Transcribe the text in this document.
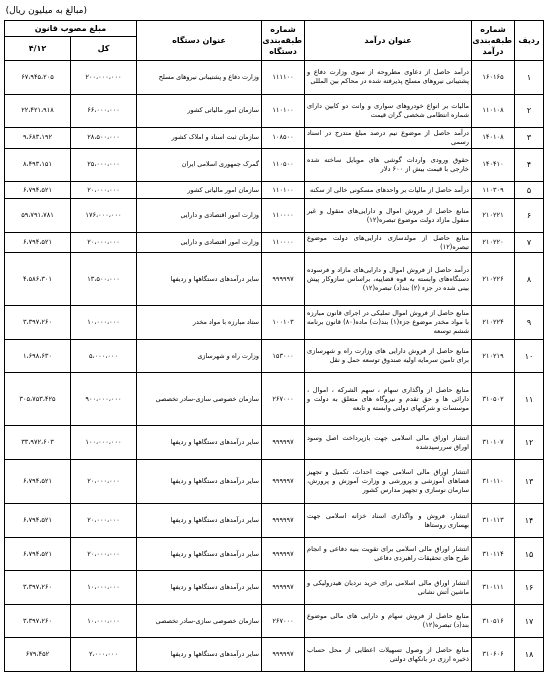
(مبالغ به میلیون ریال)
ردیف	شماره طبقه‌بندی درآمد	عنوان درآمد	شماره طبقه‌بندی دستگاه	عنوان دستگاه	مبلغ مصوب قانون	
					کل	۴/۱۲
۱	۱۶۰۱۶۵	درآمد حاصل از دعاوی مطروحه از سوی وزارت دفاع و پشتیبانی نیروهای مسلح پذیرفته شده در محاکم بین المللی	۱۱۱۱۰۰	وزارت دفاع و پشتیبانی نیروهای مسلح	۲۰۰،۰۰۰،۰۰۰	۶۷،۹۴۵،۲۰۵
۲	۱۱۰۱۰۸	مالیات بر انواع خودروهای سواری و وانت دو کابین دارای شماره انتظامی شخصی گران قیمت	۱۱۰۱۰۰	سازمان امور مالیاتی کشور	۶۶،۰۰۰،۰۰۰	۲۲،۴۲۱،۹۱۸
۳	۱۴۰۱۰۸	درآمد حاصل از موضوع نیم درصد مبلغ مندرج در اسناد رسمی	۱۰۸۵۰۰	سازمان ثبت اسناد و املاک کشور	۲۸،۵۰۰،۰۰۰	۹،۶۸۳،۱۹۲
۴	۱۴۰۴۱۰	حقوق ورودی واردات گوشی های موبایل ساخته شده خارجی با قیمت بیش از ۶۰۰ دلار	۱۱۰۵۰۰	گمرک جمهوری اسلامی ایران	۲۵،۰۰۰،۰۰۰	۸،۴۹۳،۱۵۱
۵	۱۱۰۳۰۹	درآمد حاصل از مالیات بر واحدهای مسکونی خالی از سکنه	۱۱۰۱۰۰	سازمان امور مالیاتی کشور	۲۰،۰۰۰،۰۰۰	۶،۷۹۴،۵۲۱
۶	۲۱۰۲۲۱	منابع حاصل از فروش اموال و دارایی‌های منقول و غیر منقول مازاد دولت موضوع تبصره(۱۲)	۱۱۰۰۰۰	وزارت امور اقتصادی و دارایی	۱۷۶،۰۰۰،۰۰۰	۵۹،۷۹۱،۷۸۱
۷	۲۱۰۲۲۰	منابع حاصل از مولدسازی دارایی‌های دولت موضوع تبصره(۱۲)	۱۱۰۰۰۰	وزارت امور اقتصادی و دارایی	۲۰،۰۰۰،۰۰۰	۶،۷۹۴،۵۲۱
۸	۲۱۰۲۲۶	درآمد حاصل از فروش اموال و دارایی‌های مازاد و فرسوده دستگاه‌های وابسته به قوه قضاییه، براساس سازوکار پیش بینی شده در جزء (۲) بند(د) تبصره(۱۲)	۹۹۹۹۹۷	سایر درآمدهای دستگاهها و ردیفها	۱۳،۵۰۰،۰۰۰	۴،۵۸۶،۳۰۱
۹	۲۱۰۲۲۴	منابع حاصل از فروش اموال تملیکی در اجرای قانون مبارزه با مواد مخدر موضوع جزء(۱) بند(ت) ماده(۸۰) قانون برنامه ششم توسعه	۱۰۰۱۰۳	ستاد مبارزه با مواد مخدر	۱۰،۰۰۰،۰۰۰	۳،۳۹۷،۲۶۰
۱۰	۲۱۰۲۱۹	منابع حاصل از فروش دارایی های وزارت راه و شهرسازی برای تامین سرمایه اولیه صندوق توسعه حمل و نقل	۱۵۳۰۰۰	وزارت راه و شهرسازی	۵،۰۰۰،۰۰۰	۱،۶۹۸،۶۳۰
۱۱	۳۱۰۵۰۲	منابع حاصل از واگذاری سهام ، سهم الشرکه ، اموال ، دارائی ها و حق تقدم و نیروگاه های متعلق به دولت و موسسات و شرکتهای دولتی وابسته و تابعه	۲۶۷۰۰۰	سازمان خصوصی سازی-سادر تخصصی	۹۰۰،۰۰۰،۰۰۰	۳۰۵،۷۵۳،۴۲۵
۱۲	۳۱۰۱۰۷	انتشار اوراق مالی اسلامی جهت بازپرداخت اصل وسود اوراق سررسیدشده	۹۹۹۹۹۷	سایر درآمدهای دستگاهها و ردیفها	۱۰۰،۰۰۰،۰۰۰	۳۳،۹۷۲،۶۰۳
۱۳	۳۱۰۱۱۰	انتشار اوراق مالی اسلامی جهت احداث، تکمیل و تجهیز فضاهای آموزشی و پرورشی و وزارت آموزش و پرورش، سازمان نوسازی و تجهیز مدارس کشور	۹۹۹۹۹۷	سایر درآمدهای دستگاهها و ردیفها	۲۰،۰۰۰،۰۰۰	۶،۷۹۴،۵۲۱
۱۴	۳۱۰۱۱۳	انتشار، فروش و واگذاری اسناد خزانه اسلامی جهت بهسازی روستاها	۹۹۹۹۹۷	سایر درآمدهای دستگاهها و ردیفها	۲۰،۰۰۰،۰۰۰	۶،۷۹۴،۵۲۱
۱۵	۳۱۰۱۱۴	انتشار اوراق مالی اسلامی برای تقویت بنیه دفاعی و انجام طرح های تحقیقات راهبردی دفاعی	۹۹۹۹۹۷	سایر درآمدهای دستگاهها و ردیفها	۲۰،۰۰۰،۰۰۰	۶،۷۹۴،۵۲۱
۱۶	۳۱۰۱۱۱	انتشار اوراق مالی اسلامی برای خرید نردبان هیدرولیکی و ماشین آتش نشانی	۹۹۹۹۹۷	سایر درآمدهای دستگاهها و ردیفها	۱۰،۰۰۰،۰۰۰	۳،۳۹۷،۲۶۰
۱۷	۳۱۰۵۱۶	منابع حاصل از فروش سهام و دارایی های مالی موضوع بند(د) تبصره(۱۲)	۲۶۷۰۰۰	سازمان خصوصی سازی-سادر تخصصی	۱۰،۰۰۰،۰۰۰	۳،۳۹۷،۲۶۰
۱۸	۳۱۰۶۰۶	منابع حاصل از وصول تسهیلات اعطایی از محل حساب ذخیره ارزی در بانکهای دولتی	۹۹۹۹۹۷	سایر درآمدهای دستگاهها و ردیفها	۲،۰۰۰،۰۰۰	۶۷۹،۴۵۲
